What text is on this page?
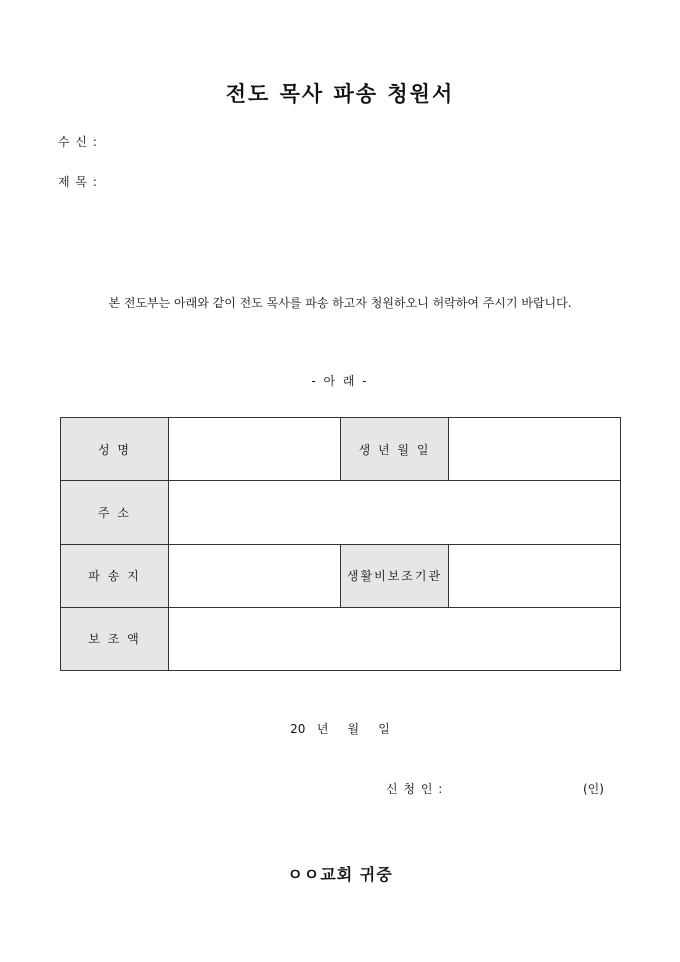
전도 목사 파송 청원서
수 신 :
제 목 :
본 전도부는 아래와 같이 전도 목사를 파송 하고자 청원하오니 허락하여 주시기 바랍니다.
- 아 래 -
성 명		생 년 월 일	
주 소			
파 송 지		생활비보조기관	
보 조 액			
20   년     월     일
신 청 인 :	(인)
ㅇㅇ교회 귀중
